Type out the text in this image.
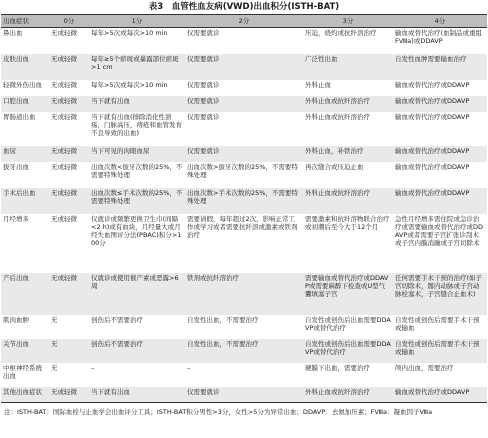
表3　血管性血友病(VWD)出血积分(ISTH-BAT)
出血症状	0分	1分	2分	3分	4分
鼻出血	无或轻微	每年>5次或每次>10 min	仅需要就诊	压迫，烧灼或抗纤溶治疗	输血或替代治疗(血制品或重组FⅧa)或DDAVP
皮肤出血	无或轻微	每年≥5个瘀斑或暴露部位瘀斑>1 cm	仅需要就诊	广泛性出血	自发性血肿需要输血治疗
轻微外伤出血	无或轻微	每年>5次或每次>10 min	仅需要就诊	外科止血	输血或替代治疗或DDAVP
口腔出血	无或轻微	当下就有出血	仅需要就诊	外科止血或抗纤溶治疗	输血或替代治疗或DDAVP
胃肠道出血	无或轻微	当下就有出血(排除消化性溃疡，门脉高压，痔疮和血管发育不良导致的出血)	仅需要就诊	外科止血或抗纤溶治疗	输血或替代治疗或DDAVP
血尿	无或轻微	当下可见的肉眼血尿	仅需要就诊	外科止血，补铁治疗	输血或替代治疗或DDAVP
拔牙出血	无或轻微	出血次数<拔牙次数的25%，不需要特殊处理	出血次数>拔牙次数的25%，不需要特殊处理	再次缝合或压迫止血	输血或替代治疗或DDAVP
手术后出血	无或轻微	出血次数≤手术次数的25%，不需要特殊处理	出血次数>手术次数的25%，不需要特殊处理	外科止血或抗纤溶治疗	输血或替代治疗或DDAVP
月经增多	无或轻微	仅就诊或频繁更换卫生巾(间隔<2 h)或有血块，月经量大或月经失血图评分法(PBAC)积分>100分	需要请假，每年超过2次，影响正常工作或学习或者需要抗纤溶或激素或铁剂治疗	需要激素和抗纤溶物联合治疗或初潮后至今大于12个月	急性月经增多需住院或急诊治疗或需要输血或替代治疗或DDAVP或者需要子宫扩张诊刮术或子宫内膜消融或子宫切除术
产后出血	无或轻微	仅就诊或使用催产素或恶露>6周	铁剂或抗纤溶治疗	需要输血或替代治疗或DDAVP或需要麻醉下检查或U型气囊填塞子宫	任何需要手术干预的治疗(如子宫切除术，髂内动脉或子宫动脉栓塞术，子宫缝合止血术)
肌肉血肿	无	创伤后不需要治疗	自发性出血，不需要治疗	自发性或创伤后出血需要DDAVP或替代治疗	自发性或创伤后需要手术干预或输血
关节出血	无	创伤后不需要治疗	自发性出血，不需要治疗	自发性或创伤后出血需要DDAVP或替代治疗	自发性或创伤后需要手术干预或输血
中枢神经系统出血	无	–	–	硬膜下出血，需要治疗	颅内出血，需要治疗
其他出血症状	无或轻微	当下就有出血	仅需要就诊	外科止血或抗纤溶治疗	输血或替代治疗或DDAVP
注：ISTH-BAT：国际血栓与止血学会出血评分工具；ISTH-BAT积分男性>3分，女性>5分为异常出血；DDAVP：去氨加压素；FⅧa：凝血因子Ⅷa
